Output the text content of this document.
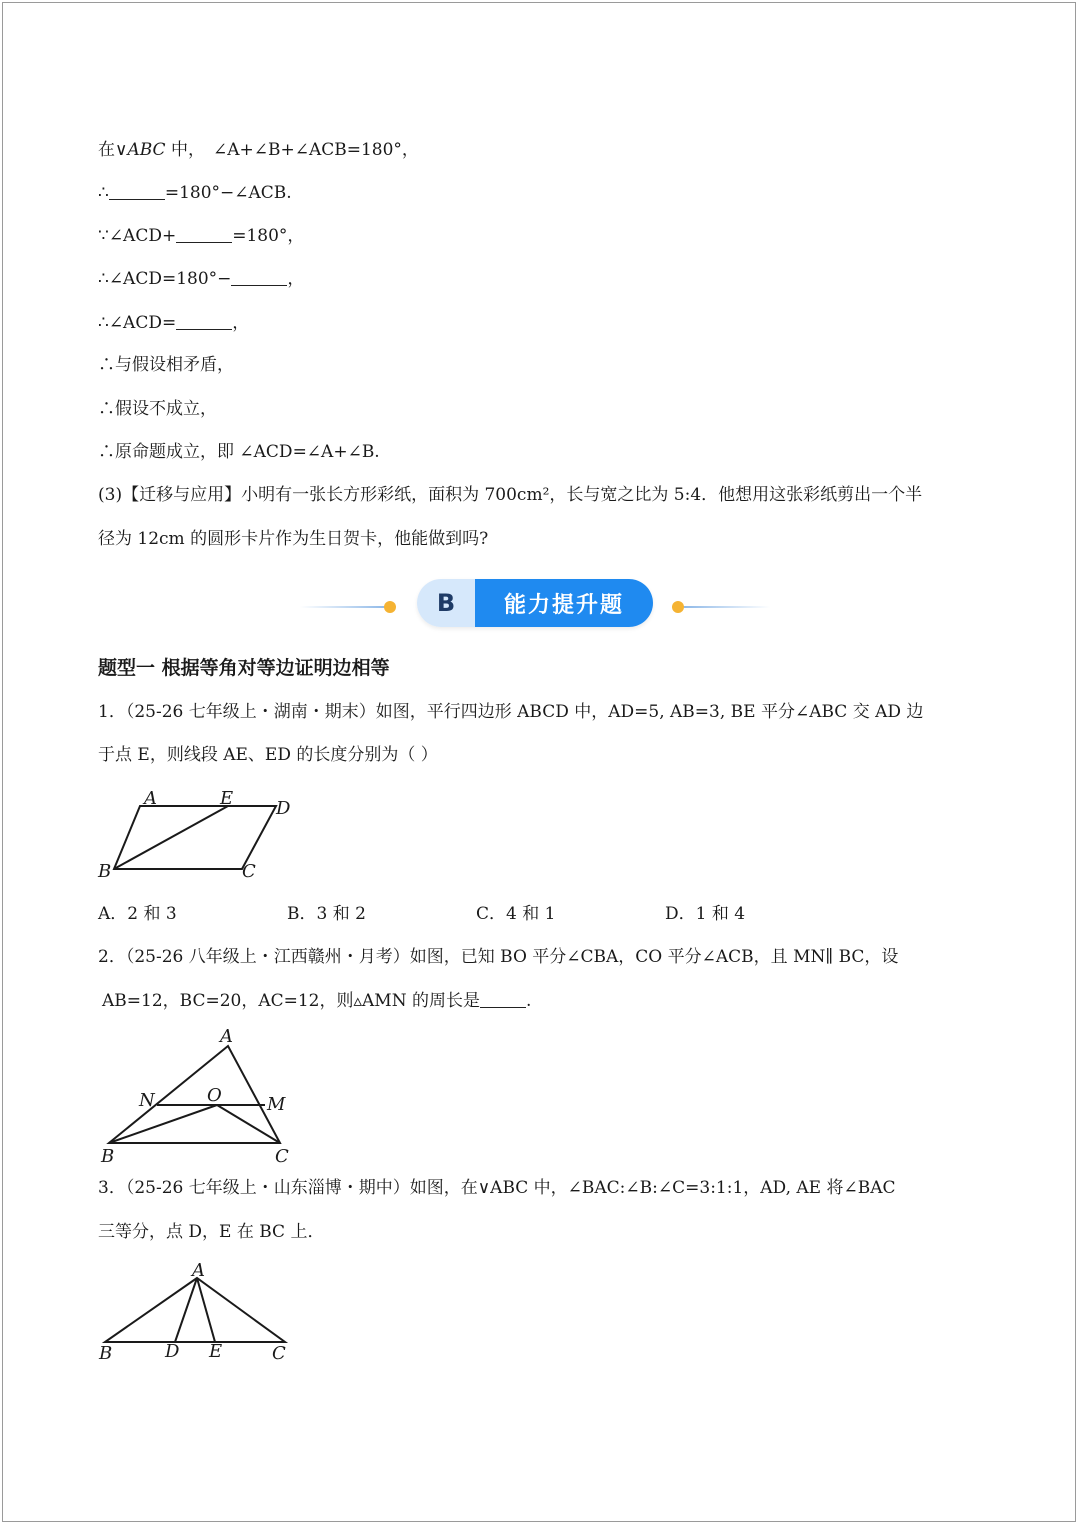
在∨ABC 中， ∠A+∠B+∠ACB=180°，
∴	=180°−∠ACB.
∵∠ACD+	=180°，
∴∠ACD=180°−	，
∴∠ACD=	，
∴与假设相矛盾，
∴假设不成立，
∴原命题成立，即 ∠ACD=∠A+∠B.
(3)【迁移与应用】小明有一张长方形彩纸，面积为 700cm²，长与宽之比为 5:4．他想用这张彩纸剪出一个半
径为 12cm 的圆形卡片作为生日贺卡，他能做到吗?
B	能力提升题
题型一 根据等角对等边证明边相等
1．（25-26 七年级上・湖南・期末）如图，平行四边形 ABCD 中，AD=5, AB=3, BE 平分∠ABC 交 AD 边
于点 E，则线段 AE、ED 的长度分别为（ ）
A	E D
B	C
A．2 和 3	B．3 和 2	C．4 和 1	D．1 和 4
2．（25-26 八年级上・江西赣州・月考）如图，已知 BO 平分∠CBA，CO 平分∠ACB，且 MN∥ BC，设
AB=12，BC=20，AC=12，则▵AMN 的周长是	.
A
N	O	M
B	C
3．（25-26 七年级上・山东淄博・期中）如图，在∨ABC 中，∠BAC:∠B:∠C=3:1:1，AD, AE 将∠BAC
三等分，点 D，E 在 BC 上．
A
B	D E	C
